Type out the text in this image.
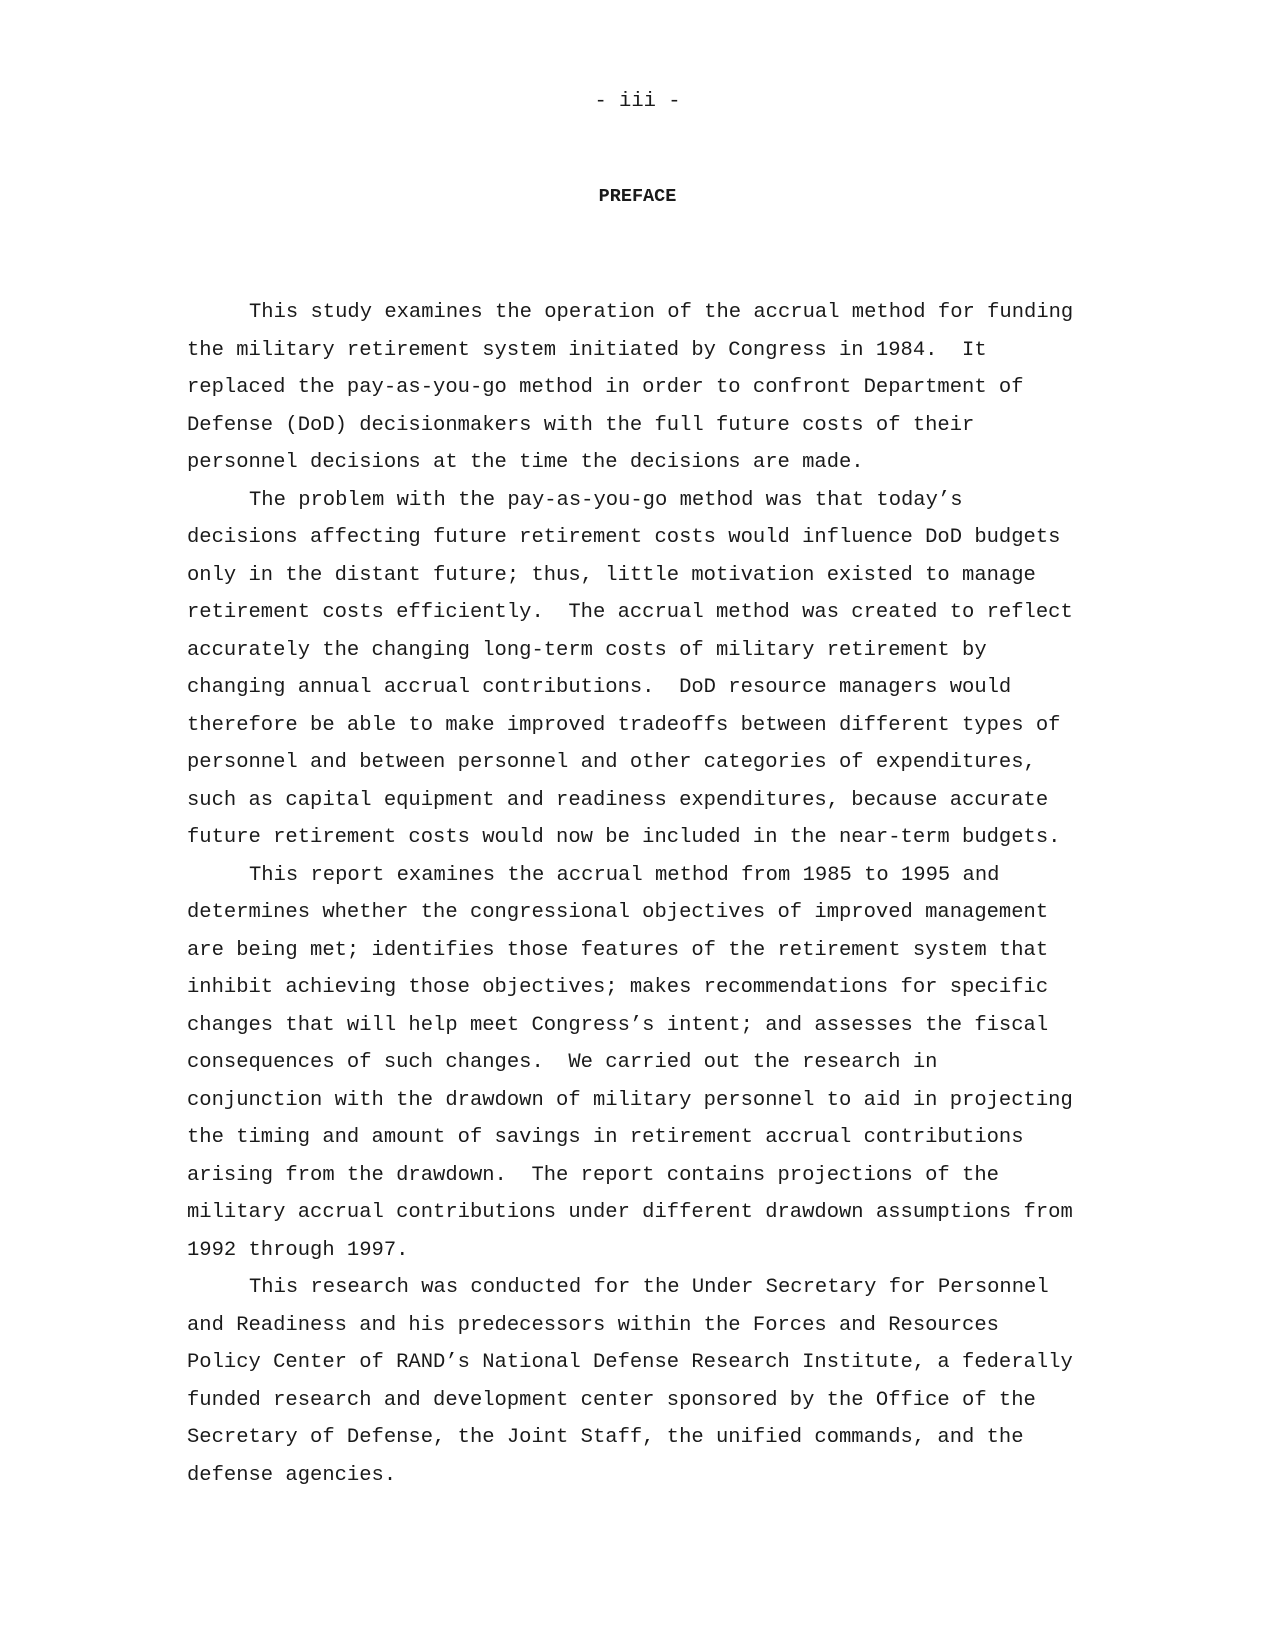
- iii -
PREFACE

This study examines the operation of the accrual method for funding
the military retirement system initiated by Congress in 1984.  It
replaced the pay-as-you-go method in order to confront Department of
Defense (DoD) decisionmakers with the full future costs of their
personnel decisions at the time the decisions are made.

The problem with the pay-as-you-go method was that today’s
decisions affecting future retirement costs would influence DoD budgets
only in the distant future; thus, little motivation existed to manage
retirement costs efficiently.  The accrual method was created to reflect
accurately the changing long-term costs of military retirement by
changing annual accrual contributions.  DoD resource managers would
therefore be able to make improved tradeoffs between different types of
personnel and between personnel and other categories of expenditures,
such as capital equipment and readiness expenditures, because accurate
future retirement costs would now be included in the near-term budgets.

This report examines the accrual method from 1985 to 1995 and
determines whether the congressional objectives of improved management
are being met; identifies those features of the retirement system that
inhibit achieving those objectives; makes recommendations for specific
changes that will help meet Congress’s intent; and assesses the fiscal
consequences of such changes.  We carried out the research in
conjunction with the drawdown of military personnel to aid in projecting
the timing and amount of savings in retirement accrual contributions
arising from the drawdown.  The report contains projections of the
military accrual contributions under different drawdown assumptions from
1992 through 1997.

This research was conducted for the Under Secretary for Personnel
and Readiness and his predecessors within the Forces and Resources
Policy Center of RAND’s National Defense Research Institute, a federally
funded research and development center sponsored by the Office of the
Secretary of Defense, the Joint Staff, the unified commands, and the
defense agencies.
